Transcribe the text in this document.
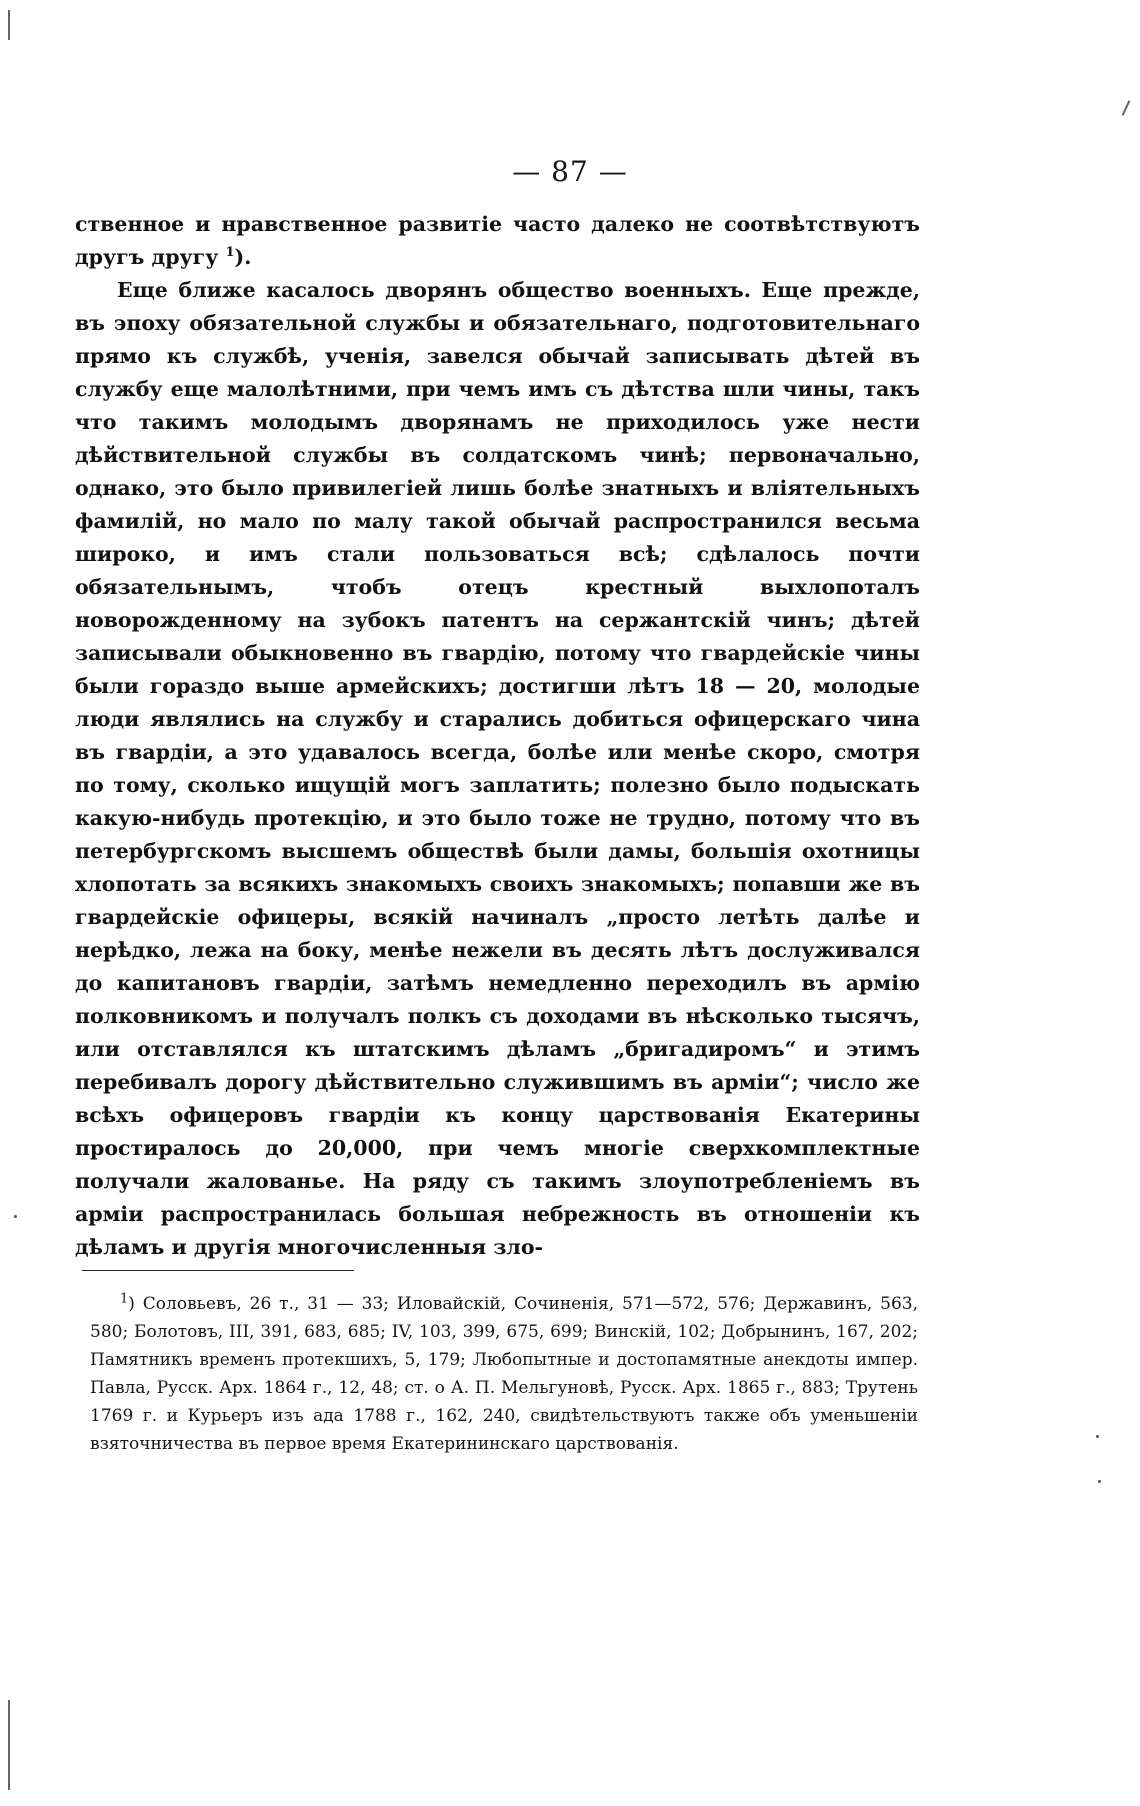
— 87 —

ственное и нравственное развитіе часто далеко не соотвѣтствуютъ другъ другу $^1$).

Еще ближе касалось дворянъ общество военныхъ. Еще прежде, въ эпоху обязательной службы и обязательнаго, подготовительнаго прямо къ службѣ, ученія, завелся обычай записывать дѣтей въ службу еще малолѣтними, при чемъ имъ съ дѣтства шли чины, такъ что такимъ молодымъ дворянамъ не приходилось уже нести дѣйствительной службы въ солдатскомъ чинѣ; первоначально, однако, это было привилегіей лишь болѣе знатныхъ и вліятельныхъ фамилій, но мало по малу такой обычай распространился весьма широко, и имъ стали пользоваться всѣ; сдѣлалось почти обязательнымъ, чтобъ отецъ крестный выхлопоталъ новорожденному на зубокъ патентъ на сержантскій чинъ; дѣтей записывали обыкновенно въ гвардію, потому что гвардейскіе чины были гораздо выше армейскихъ; достигши лѣтъ 18 — 20, молодые люди являлись на службу и старались добиться офицерскаго чина въ гвардіи, а это удавалось всегда, болѣе или менѣе скоро, смотря по тому, сколько ищущій могъ заплатить; полезно было подыскать какую-нибудь протекцію, и это было тоже не трудно, потому что въ петербургскомъ высшемъ обществѣ были дамы, большія охотницы хлопотать за всякихъ знакомыхъ своихъ знакомыхъ; попавши же въ гвардейскіе офицеры, всякій начиналъ „просто летѣть далѣе и нерѣдко, лежа на боку, менѣе нежели въ десять лѣтъ дослуживался до капитановъ гвардіи, затѣмъ немедленно переходилъ въ армію полковникомъ и получалъ полкъ съ доходами въ нѣсколько тысячъ, или отставлялся къ штатскимъ дѣламъ „бригадиромъ“ и этимъ перебивалъ дорогу дѣйствительно служившимъ въ арміи“; число же всѣхъ офицеровъ гвардіи къ концу царствованія Екатерины простиралось до 20,000, при чемъ многіе сверхкомплектные получали жалованье. На ряду съ такимъ злоупотребленіемъ въ арміи распространилась большая небрежность въ отношеніи къ дѣламъ и другія многочисленныя зло-

$^1$) Соловьевъ, 26 т., 31 — 33; Иловайскій, Сочиненія, 571—572, 576; Державинъ, 563, 580; Болотовъ, III, 391, 683, 685; IV, 103, 399, 675, 699; Винскій, 102; Добрынинъ, 167, 202; Памятникъ временъ протекшихъ, 5, 179; Любопытные и достопамятные анекдоты импер. Павла, Русск. Арх. 1864 г., 12, 48; ст. о А. П. Мельгуновѣ, Русск. Арх. 1865 г., 883; Трутень 1769 г. и Курьеръ изъ ада 1788 г., 162, 240, свидѣтельствуютъ также объ уменьшеніи взяточничества въ первое время Екатерининскаго царствованія.
